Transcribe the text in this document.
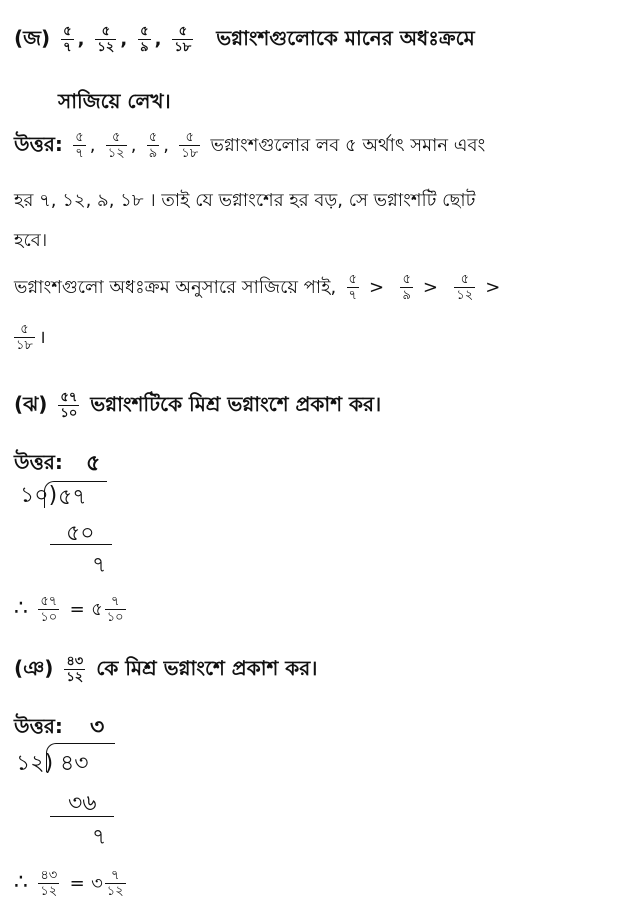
(জ) $\frac{৫}{৭}$ , $\frac{৫}{১২}$ , $\frac{৫}{৯}$ , $\frac{৫}{১৮}$ ভগ্নাংশগুলোকে মানের অধঃক্রমে
সাজিয়ে লেখ।
উত্তর: $\frac{৫}{৭}$ , $\frac{৫}{১২}$ , $\frac{৫}{৯}$ , $\frac{৫}{১৮}$ ভগ্নাংশগুলোর লব ৫ অর্থাৎ সমান এবং
হর ৭, ১২, ৯, ১৮ । তাই যে ভগ্নাংশের হর বড়, সে ভগ্নাংশটি ছোট
হবে।
ভগ্নাংশগুলো অধঃক্রম অনুসারে সাজিয়ে পাই, $\frac{৫}{৭} > \frac{৫}{৯} > \frac{৫}{১২}$ >
$\frac{৫}{১৮}$ ।
(ঝ) $\frac{৫৭}{১০}$ ভগ্নাংশটিকে মিশ্র ভগ্নাংশে প্রকাশ কর।
উত্তর: ৫
১০) ৫৭
৫০
৭
∴ $\frac{৫৭}{১০}$ = ৫ $\frac{৭}{১০}$
(ঞ) $\frac{৪৩}{১২}$ কে মিশ্র ভগ্নাংশে প্রকাশ কর।
উত্তর: ৩
১২) ৪৩
৩৬
৭
∴ $\frac{৪৩}{১২}$ = ৩ $\frac{৭}{১২}$
